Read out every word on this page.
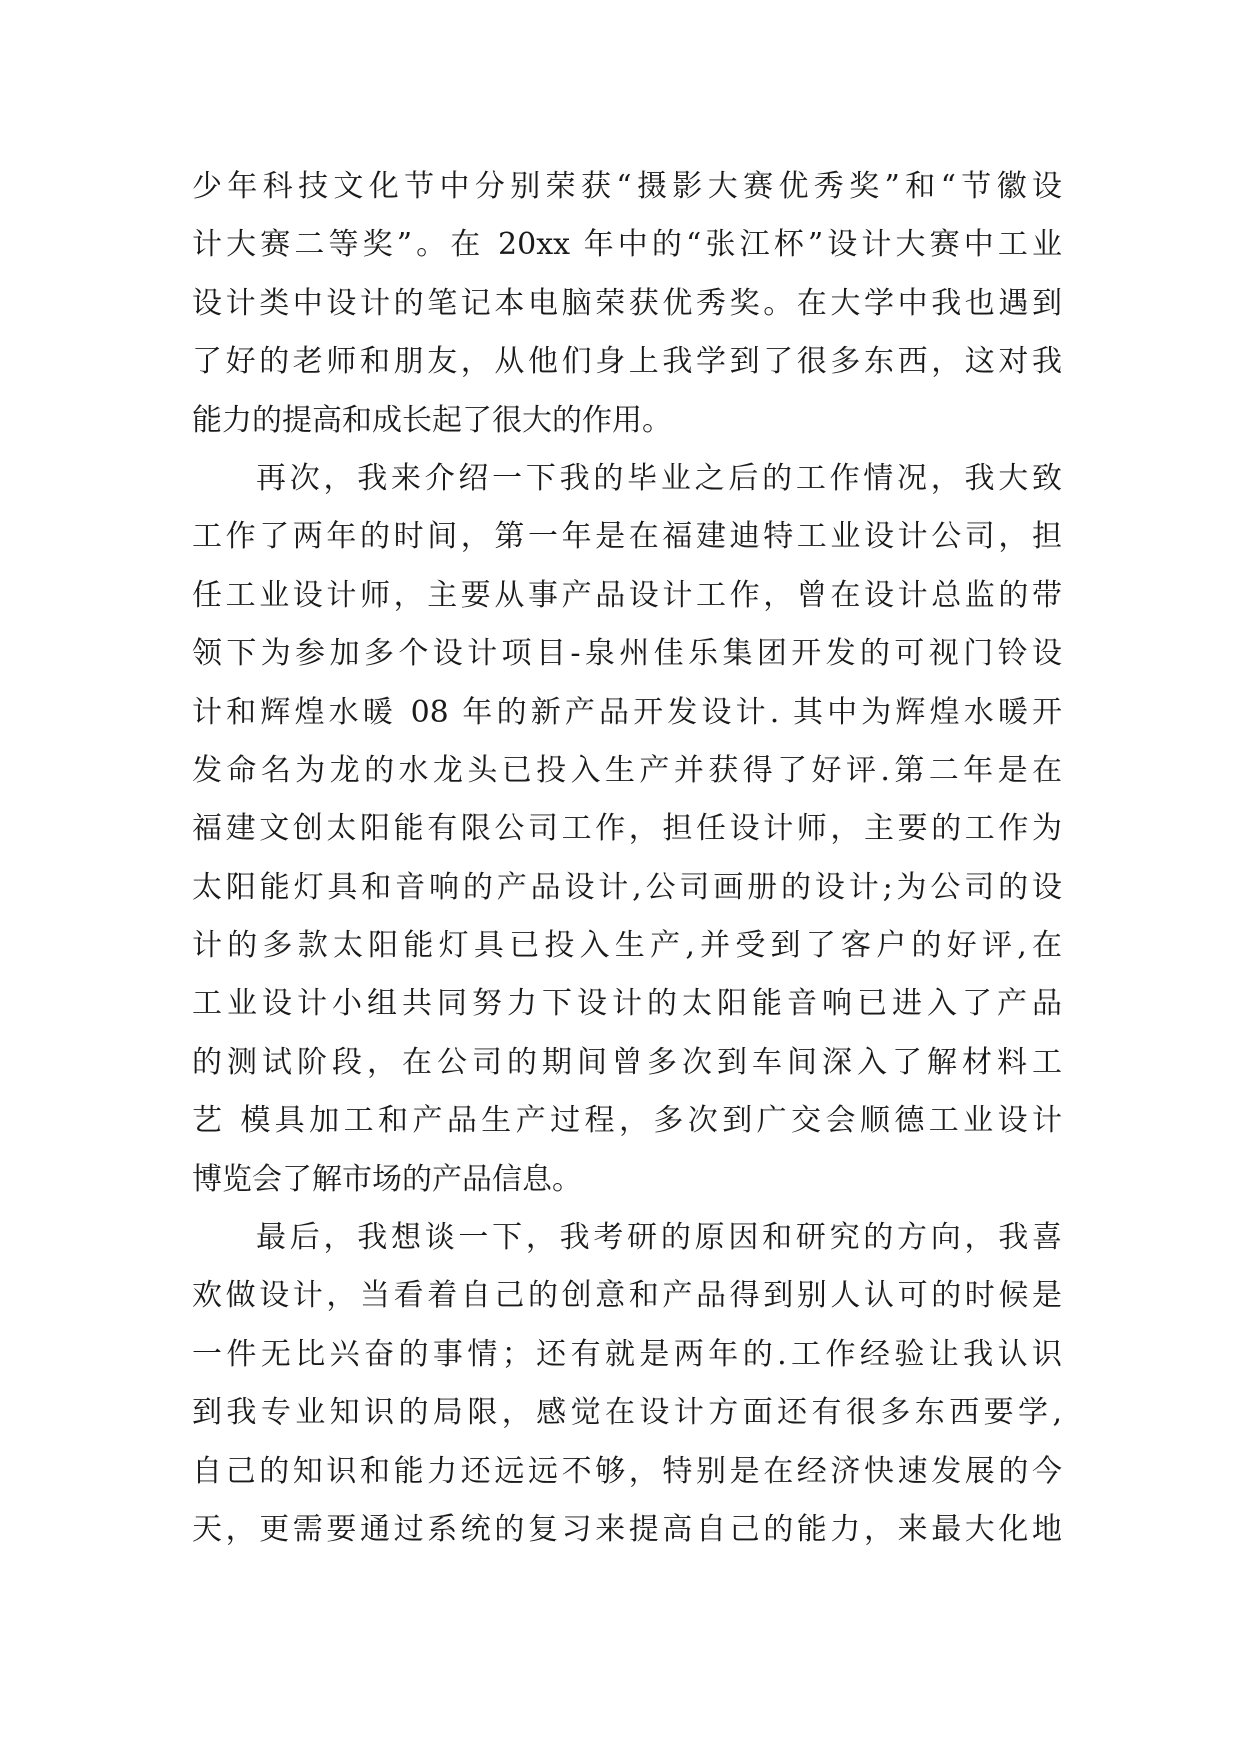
少年科技文化节中分别荣获“摄影大赛优秀奖”和“节徽设
计大赛二等奖”。在 20xx 年中的“张江杯”设计大赛中工业
设计类中设计的笔记本电脑荣获优秀奖。在大学中我也遇到
了好的老师和朋友，从他们身上我学到了很多东西，这对我
能力的提高和成长起了很大的作用。
再次，我来介绍一下我的毕业之后的工作情况，我大致
工作了两年的时间，第一年是在福建迪特工业设计公司，担
任工业设计师，主要从事产品设计工作，曾在设计总监的带
领下为参加多个设计项目-泉州佳乐集团开发的可视门铃设
计和辉煌水暖 08 年的新产品开发设计. 其中为辉煌水暖开
发命名为龙的水龙头已投入生产并获得了好评.第二年是在
福建文创太阳能有限公司工作，担任设计师，主要的工作为
太阳能灯具和音响的产品设计,公司画册的设计;为公司的设
计的多款太阳能灯具已投入生产,并受到了客户的好评,在
工业设计小组共同努力下设计的太阳能音响已进入了产品
的测试阶段，在公司的期间曾多次到车间深入了解材料工
艺 模具加工和产品生产过程，多次到广交会顺德工业设计
博览会了解市场的产品信息。
最后，我想谈一下，我考研的原因和研究的方向，我喜
欢做设计，当看着自己的创意和产品得到别人认可的时候是
一件无比兴奋的事情；还有就是两年的.工作经验让我认识
到我专业知识的局限，感觉在设计方面还有很多东西要学,
自己的知识和能力还远远不够，特别是在经济快速发展的今
天，更需要通过系统的复习来提高自己的能力，来最大化地
